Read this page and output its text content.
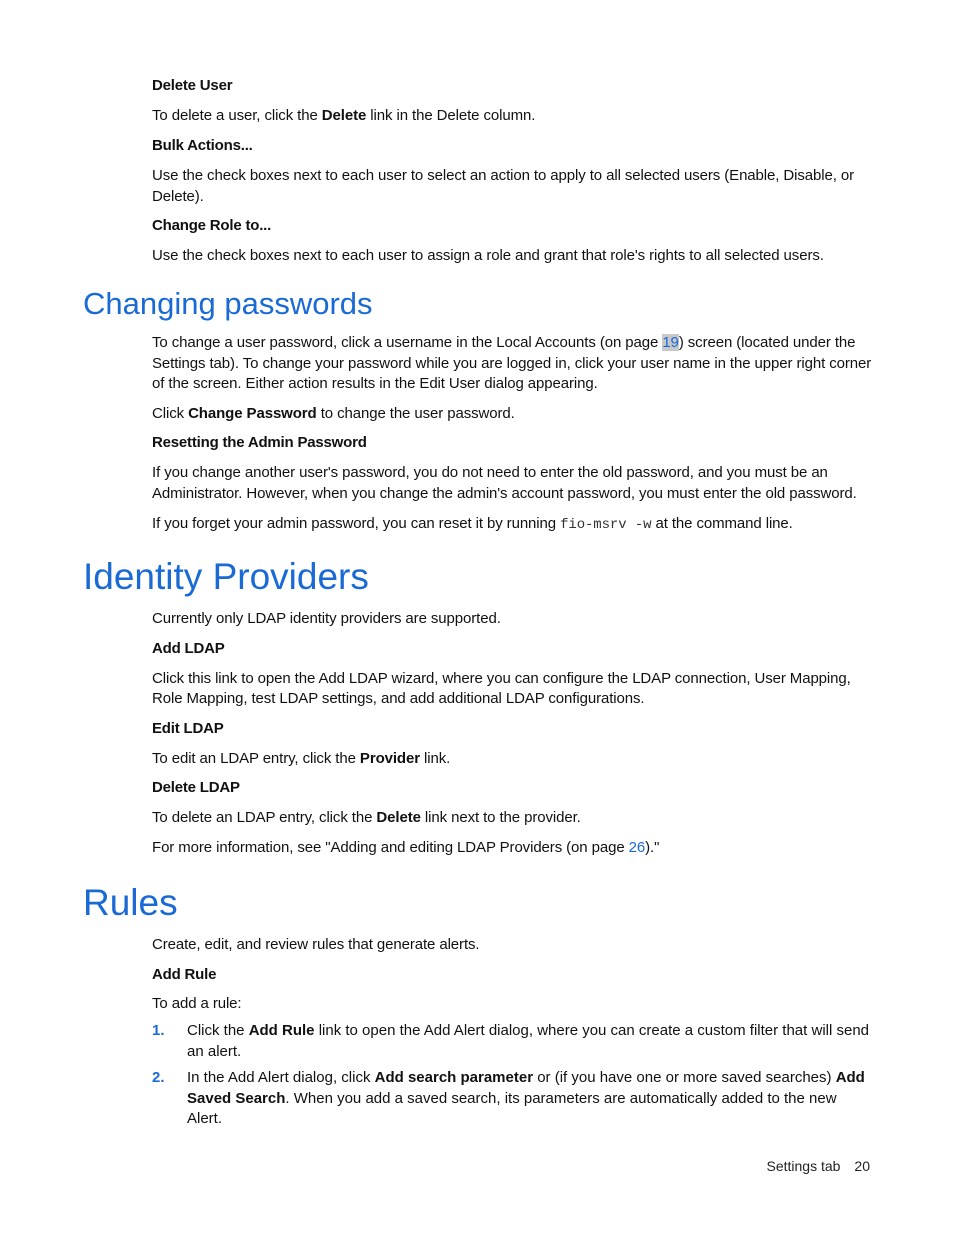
Delete User

To delete a user, click the Delete link in the Delete column.

Bulk Actions...

Use the check boxes next to each user to select an action to apply to all selected users (Enable, Disable, or Delete).

Change Role to...

Use the check boxes next to each user to assign a role and grant that role's rights to all selected users.

Changing passwords

To change a user password, click a username in the Local Accounts (on page 19) screen (located under the Settings tab). To change your password while you are logged in, click your user name in the upper right corner of the screen. Either action results in the Edit User dialog appearing.

Click Change Password to change the user password.

Resetting the Admin Password

If you change another user's password, you do not need to enter the old password, and you must be an Administrator. However, when you change the admin's account password, you must enter the old password.

If you forget your admin password, you can reset it by running fio-msrv -w at the command line.

Identity Providers

Currently only LDAP identity providers are supported.

Add LDAP

Click this link to open the Add LDAP wizard, where you can configure the LDAP connection, User Mapping, Role Mapping, test LDAP settings, and add additional LDAP configurations.

Edit LDAP

To edit an LDAP entry, click the Provider link.

Delete LDAP

To delete an LDAP entry, click the Delete link next to the provider.

For more information, see "Adding and editing LDAP Providers (on page 26)."

Rules

Create, edit, and review rules that generate alerts.

Add Rule

To add a rule:

1. Click the Add Rule link to open the Add Alert dialog, where you can create a custom filter that will send an alert.
2. In the Add Alert dialog, click Add search parameter or (if you have one or more saved searches) Add Saved Search. When you add a saved search, its parameters are automatically added to the new Alert.
Settings tab 20
